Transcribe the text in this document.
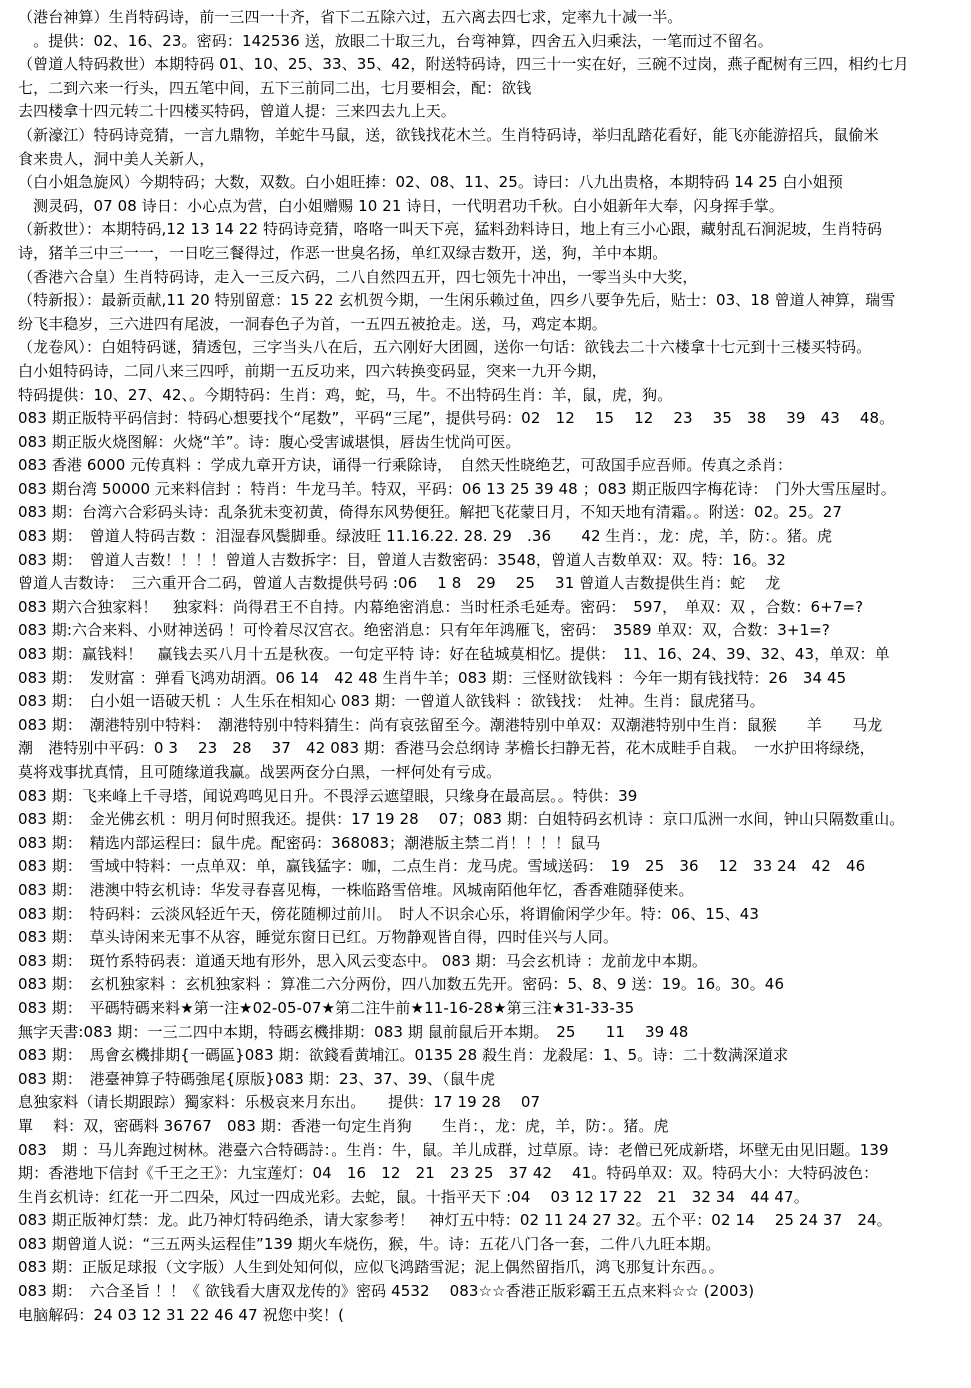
（港台神算）生肖特码诗，前一三四一十齐，省下二五除六过，五六离去四七求，定率九十减一半。
　。提供：02、16、23。密码：142536 送，放眼二十取三九，台弯神算，四舍五入归乘法，一笔而过不留名。
（曾道人特码救世）本期特码 01、10、25、33、35、42，附送特码诗，四三十一实在好，三碗不过岗，燕子配树有三四，相约七月
七，二到六来一行头，四五笔中间，五下三前同二出，七月要相会，配：欲钱
去四楼拿十四元转二十四楼买特码，曾道人提：三来四去九上天。
（新濠江）特码诗竞猜，一言九鼎物，羊蛇牛马鼠，送，欲钱找花木兰。生肖特码诗，举归乱踏花看好，能飞亦能游招兵，鼠偷米
食来贵人，洞中美人关新人，
（白小姐急旋风）今期特码；大数，双数。白小姐旺捧：02、08、11、25。诗曰：八九出贵格，本期特码 14 25 白小姐预
　测灵码，07 08 诗日：小心点为营，白小姐赠赐 10 21 诗日，一代明君功千秋。白小姐新年大奉，闪身挥手掌。
（新救世）：本期特码,12 13 14 22 特码诗竞猜，咯咯一叫天下亮，猛料劲料诗日，地上有三小心跟，藏射乱石涧泥坡，生肖特码
诗，猪羊三中三一一，一日吃三餐得过，作恶一世臭名扬，单红双绿吉数开，送，狗，羊中本期。
（香港六合皇）生肖特码诗，走入一三反六码，二八自然四五开，四七领先十冲出，一零当头中大奖，
（特新报）：最新贡献,11 20 特别留意：15 22 玄机贺今期，一生闲乐赖过鱼，四乡八要争先后，贴士：03、18 曾道人神算，瑞雪
纷飞丰稳岁，三六进四有尾波，一洞春色子为首，一五四五被抢走。送，马，鸡定本期。
（龙卷风）：白姐特码谜，猜透包，三字当头八在后，五六刚好大团圆，送你一句话：欲钱去二十六楼拿十七元到十三楼买特码。
白小姐特码诗，二同八来三四呼，前期一五反功来，四六转换变码显，突来一九开今期，
特码提供：10、27、42、。今期特码：生肖：鸡，蛇，马，牛。不出特码生肖：羊，鼠，虎，狗。
083 期正版特平码信封：特码心想要找个“尾数”，平码“三尾”，提供号码：02　12　 15　 12　 23　 35　38　 39　43　 48。
083 期正版火烧图解：火烧“羊”。诗：腹心受害诚堪惧，唇齿生忧尚可医。
083 香港 6000 元传真料 ：学成九章开方诀，诵得一行乘除诗，　自然天性晓绝艺，可敌国手应吾师。传真之杀肖：
083 期台湾 50000 元来料信封 ：特肖：牛龙马羊。特双，平码：06 13 25 39 48 ；083 期正版四字梅花诗：　门外大雪压屋时。
083 期：台湾六合彩码头诗：乱条犹未变初黄，倚得东风势便狂。解把飞花蒙日月，不知天地有清霜。。附送：02。25。27
083 期：　曾道人特码吉数 ：泪湿春风鬓脚垂。绿波旺 11.16.22. 28. 29　.36　　42 生肖：，龙：虎，羊，防：。猪。虎
083 期：　曾道人吉数！！！！曾道人吉数拆字：目，曾道人吉数密码：3548，曾道人吉数单双：双。特：16。32
曾道人吉数诗：　三六重开合二码，曾道人吉数提供号码 :06　 1 8　29　 25　 31 曾道人吉数提供生肖：蛇　 龙
083 期六合独家料！　独家料：尚得君王不自持。内幕绝密消息：当时枉杀毛延寿。密码：　597，　单双：双 ，合数：6+7=?
083 期:六合来料、小财神送码 ！可怜着尽汉宫衣。绝密消息：只有年年鸿雁飞，密码：　3589 单双：双，合数：3+1=?
083 期：赢钱料！　赢钱去买八月十五是秋夜。一句定平特 诗：好在毡城莫相忆。提供：　11、16、24、39、32、43，单双：单
083 期：　发财富 ：弹看飞鸿劝胡酒。06 14　42 48 生肖牛羊；083 期：三怪财欲钱料 ：今年一期有钱找特：26　34 45
083 期：　白小姐一语破天机 ：人生乐在相知心 083 期：一曾道人欲钱料 ：欲钱找：　灶神。生肖：鼠虎猪马。
083 期：　潮港特别中特料：　潮港特别中特料猜生：尚有哀弦留至今。潮港特别中单双：双潮港特别中生肖：鼠猴　　羊　　马龙
潮　港特别中平码：0 3　 23　28　 37　42 083 期：香港马会总纲诗 茅檐长扫静无苔，花木成畦手自栽。　一水护田将绿绕，
莫将戏事扰真情，且可随缘道我赢。战罢两奁分白黑，一枰何处有亏成。
083 期：飞来峰上千寻塔，闻说鸡鸣见日升。不畏浮云遮望眼，只缘身在最高层。。特供：39
083 期：　金光佛玄机 ：明月何时照我还。提供：17 19 28　 07；083 期：白姐特码玄机诗 ：京口瓜洲一水间，钟山只隔数重山。
083 期：　精选内部运程曰：鼠牛虎。配密码：368083；潮港版主禁二肖！！！！鼠马
083 期：　雪域中特料：一点单双：单，赢钱猛字：咖，二点生肖：龙马虎。雪域送码：　19　25　36　 12　33 24　42　46
083 期：　港澳中特玄机诗：华发寻春喜见梅，一株临路雪倍堆。风城南陌他年忆，香香难随驿使来。
083 期：　特码料：云淡风轻近午天，傍花随柳过前川。　时人不识余心乐，将谓偷闲学少年。特：06、15、43
083 期：　草头诗闲来无事不从容，睡觉东窗日已红。万物静观皆自得，四时佳兴与人同。
083 期：　斑竹系特码表：道通天地有形外，思入风云变态中。 083 期：马会玄机诗 ：龙前龙中本期。
083 期：　玄机独家料 ：玄机独家料 ：算准二六分两份，四八加数五先开。密码：5、8、9 送：19。16。30。46
083 期：　平碼特碼来料★第一注★02-05-07★第二注牛前★11-16-28★第三注★31-33-35
無字天書:083 期：一三二四中本期，特碼玄機排期：083 期 鼠前鼠后开本期。　25　　11　 39 48
083 期：　馬會玄機排期{一碼區}083 期：欲錢看黄埔江。0135 28 殺生肖：龙殺尾：1、5。诗：二十数满深道求
083 期：　港臺神算子特碼強尾{原版}083 期：23、37、39、（鼠牛虎
息独家料（请长期跟踪）獨家料：乐极哀来月东出。　　提供：17 19 28　 07
單　 料：双，密碼料 36767　083 期：香港一句定生肖狗　　生肖：，龙：虎，羊，防：。猪。虎
083　期 ：马儿奔跑过树林。港臺六合特碼詩：。生肖：牛，鼠。羊儿成群，过草原。诗：老僧已死成新塔，坏壁无由见旧题。139
期：香港地下信封《千王之王》：九宝莲灯：04　16　12　21　23 25　37 42　 41。特码单双：双。特码大小：大特码波色：
生肖玄机诗：红花一开二四朵，风过一四成光彩。去蛇，鼠。十指平天下 :04　 03 12 17 22　21　32 34　44 47。
083 期正版神灯禁：龙。此乃神灯特码绝杀，请大家参考！　神灯五中特：02 11 24 27 32。五个平：02 14　 25 24 37　24。
083 期曾道人说：“三五两头运程佳”139 期火车烧伤，猴，牛。诗：五花八门各一套，二件八九旺本期。
083 期：正版足球报（文字版）人生到处知何似，应似飞鸿踏雪泥；泥上偶然留指爪，鸿飞那复计东西。。
083 期：　六合圣旨 ！！《 欲钱看大唐双龙传的》密码 4532　 083☆☆香港正版彩霸王五点来料☆☆ (2003)
电脑解码：24 03 12 31 22 46 47 祝您中奖！(
